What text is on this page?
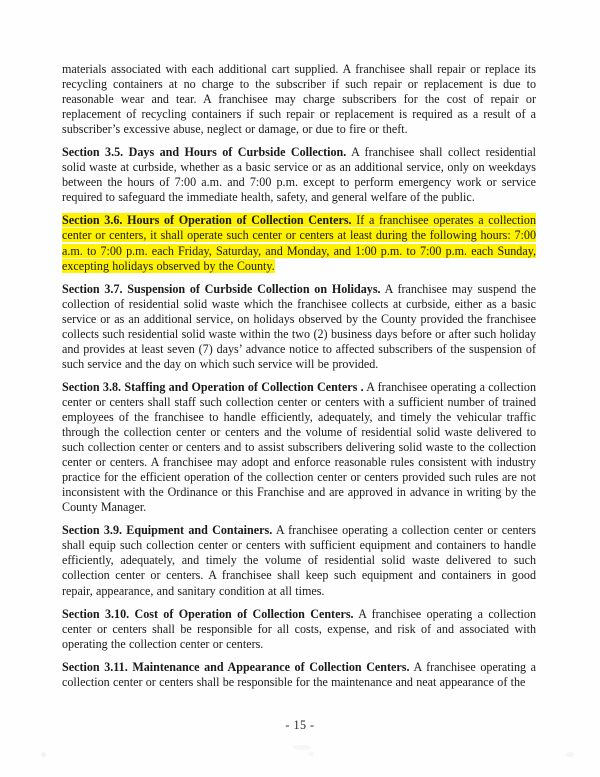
materials associated with each additional cart supplied. A franchisee shall repair or replace its recycling containers at no charge to the subscriber if such repair or replacement is due to reasonable wear and tear. A franchisee may charge subscribers for the cost of repair or replacement of recycling containers if such repair or replacement is required as a result of a subscriber’s excessive abuse, neglect or damage, or due to fire or theft.

Section 3.5. Days and Hours of Curbside Collection. A franchisee shall collect residential solid waste at curbside, whether as a basic service or as an additional service, only on weekdays between the hours of 7:00 a.m. and 7:00 p.m. except to perform emergency work or service required to safeguard the immediate health, safety, and general welfare of the public.

Section 3.6. Hours of Operation of Collection Centers. If a franchisee operates a collection center or centers, it shall operate such center or centers at least during the following hours: 7:00 a.m. to 7:00 p.m. each Friday, Saturday, and Monday, and 1:00 p.m. to 7:00 p.m. each Sunday, excepting holidays observed by the County.

Section 3.7. Suspension of Curbside Collection on Holidays. A franchisee may suspend the collection of residential solid waste which the franchisee collects at curbside, either as a basic service or as an additional service, on holidays observed by the County provided the franchisee collects such residential solid waste within the two (2) business days before or after such holiday and provides at least seven (7) days’ advance notice to affected subscribers of the suspension of such service and the day on which such service will be provided.

Section 3.8. Staffing and Operation of Collection Centers . A franchisee operating a collection center or centers shall staff such collection center or centers with a sufficient number of trained employees of the franchisee to handle efficiently, adequately, and timely the vehicular traffic through the collection center or centers and the volume of residential solid waste delivered to such collection center or centers and to assist subscribers delivering solid waste to the collection center or centers. A franchisee may adopt and enforce reasonable rules consistent with industry practice for the efficient operation of the collection center or centers provided such rules are not inconsistent with the Ordinance or this Franchise and are approved in advance in writing by the County Manager.

Section 3.9. Equipment and Containers. A franchisee operating a collection center or centers shall equip such collection center or centers with sufficient equipment and containers to handle efficiently, adequately, and timely the volume of residential solid waste delivered to such collection center or centers. A franchisee shall keep such equipment and containers in good repair, appearance, and sanitary condition at all times.

Section 3.10. Cost of Operation of Collection Centers. A franchisee operating a collection center or centers shall be responsible for all costs, expense, and risk of and associated with operating the collection center or centers.

Section 3.11. Maintenance and Appearance of Collection Centers. A franchisee operating a collection center or centers shall be responsible for the maintenance and neat appearance of the

- 15 -
